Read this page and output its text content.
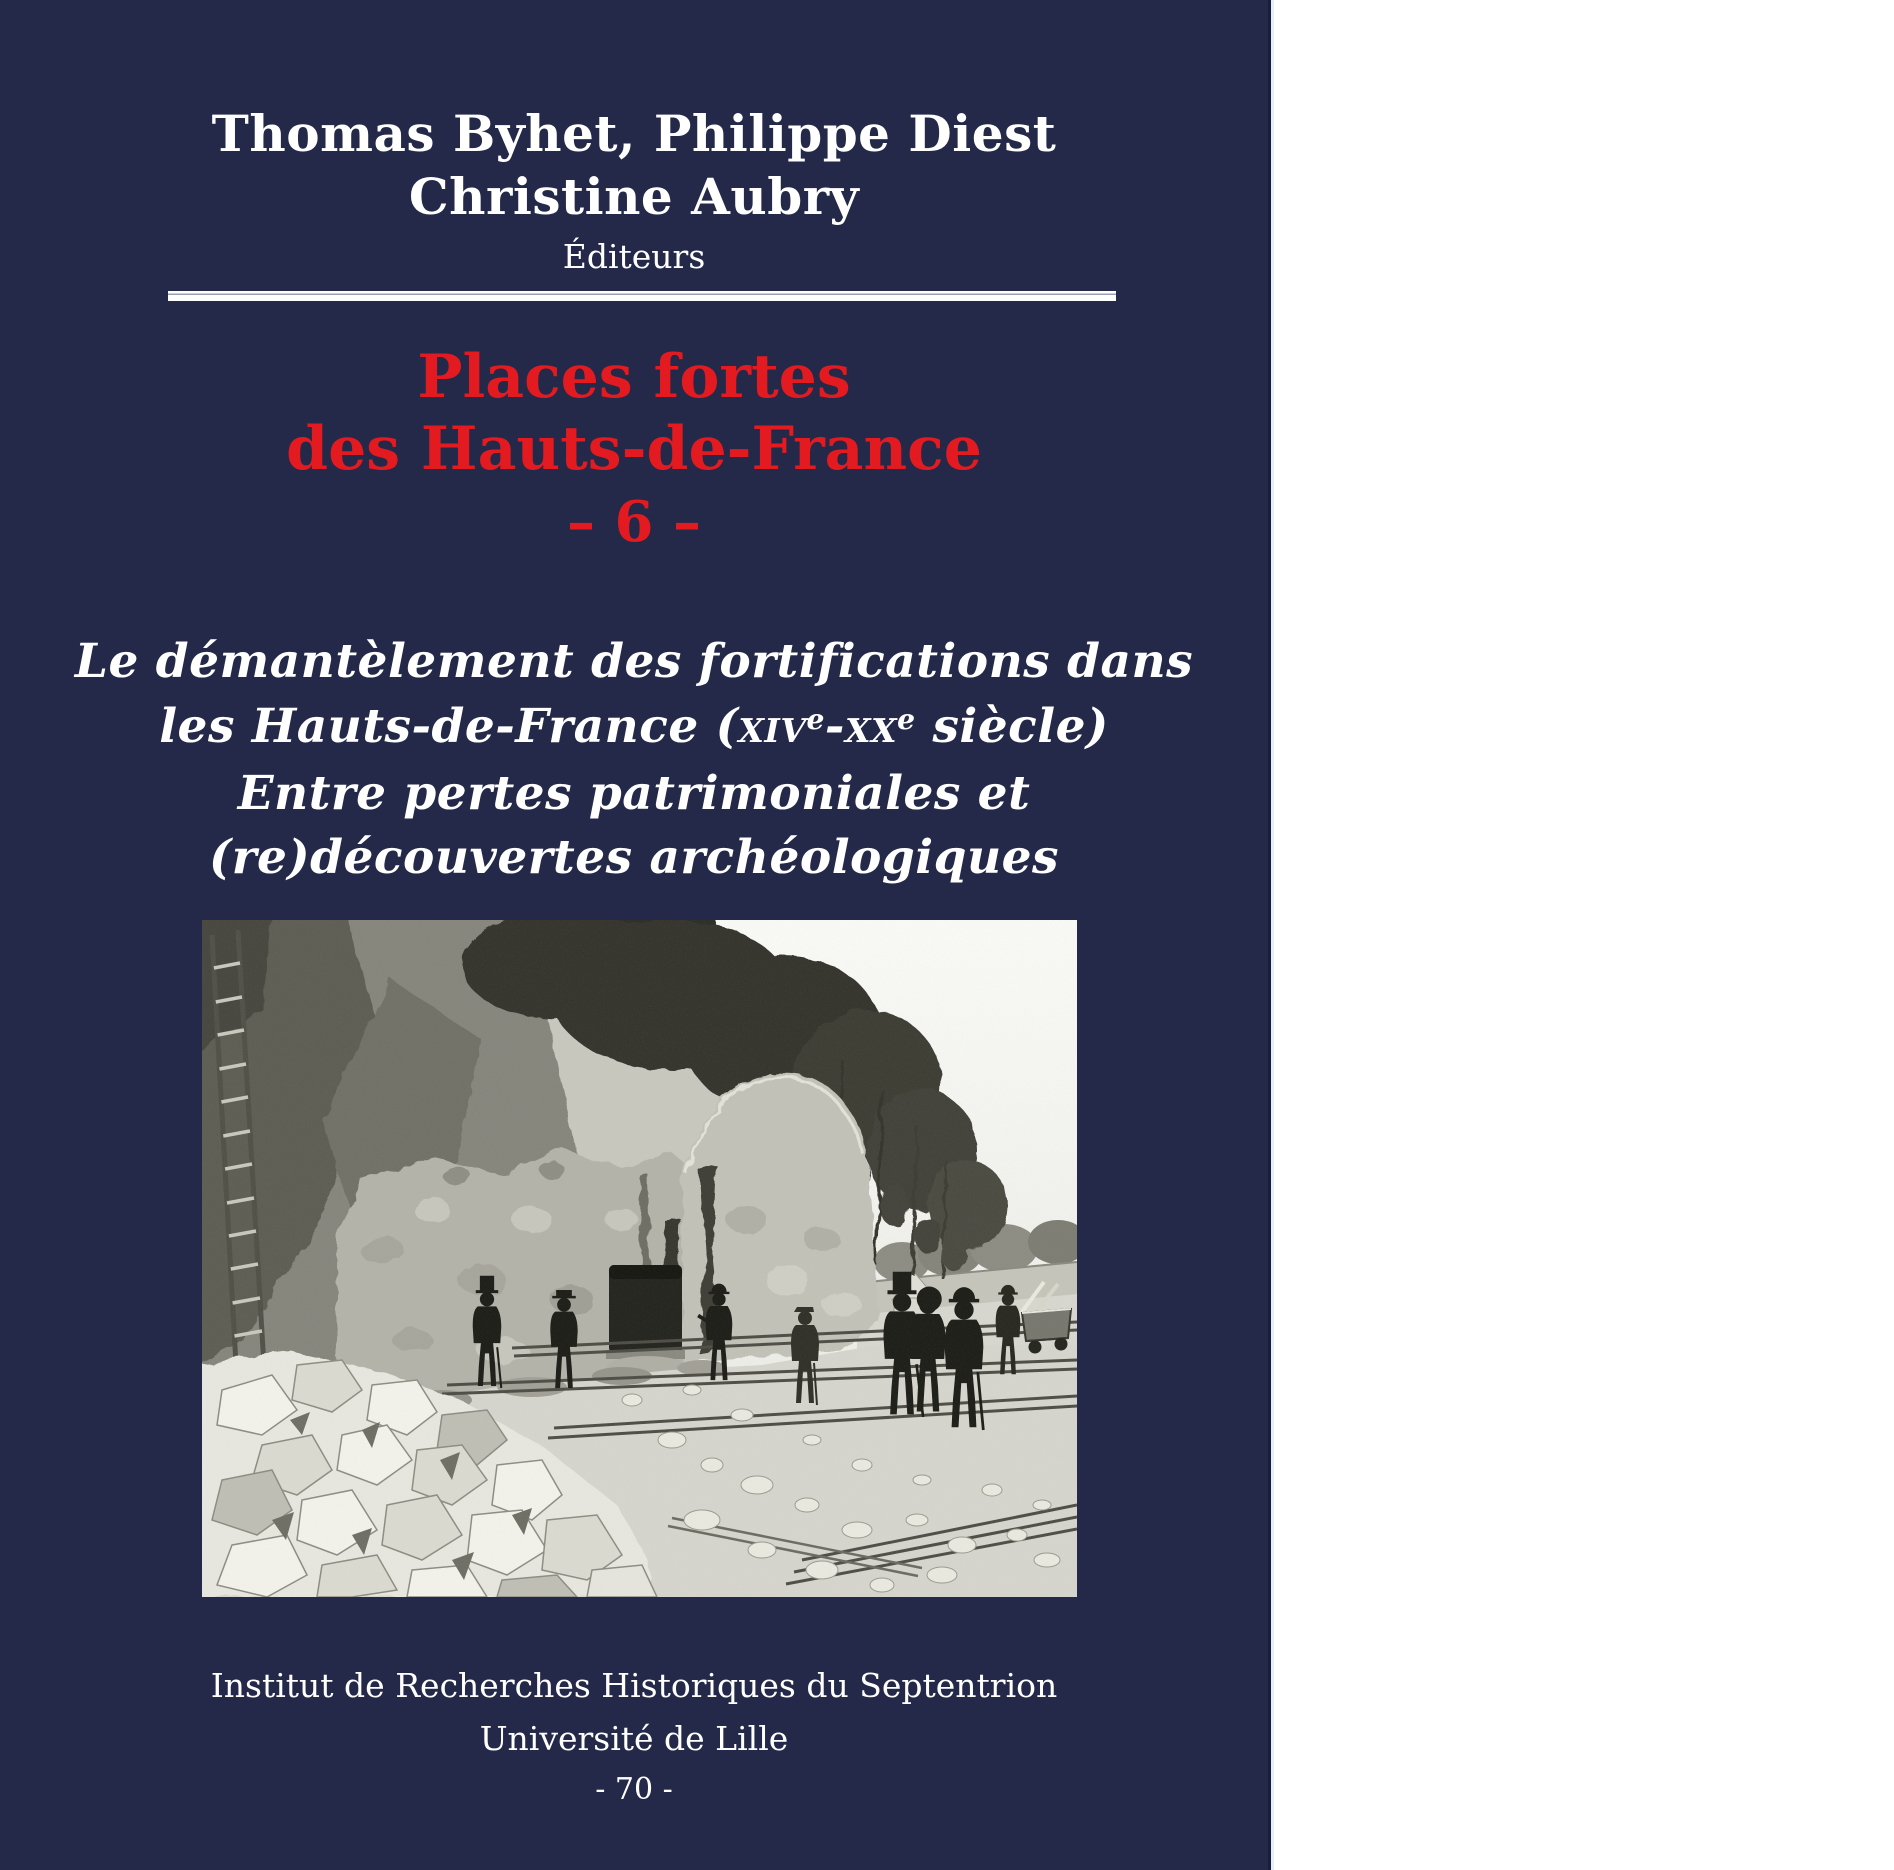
Thomas Byhet, Philippe Diest
Christine Aubry
Éditeurs
Places fortes
des Hauts-de-France
– 6 –
Le démantèlement des fortifications dans
les Hauts-de-France ($xiv^e-xx^e$ siècle)
Entre pertes patrimoniales et
(re)découvertes archéologiques
Institut de Recherches Historiques du Septentrion
Université de Lille
- 70 -
